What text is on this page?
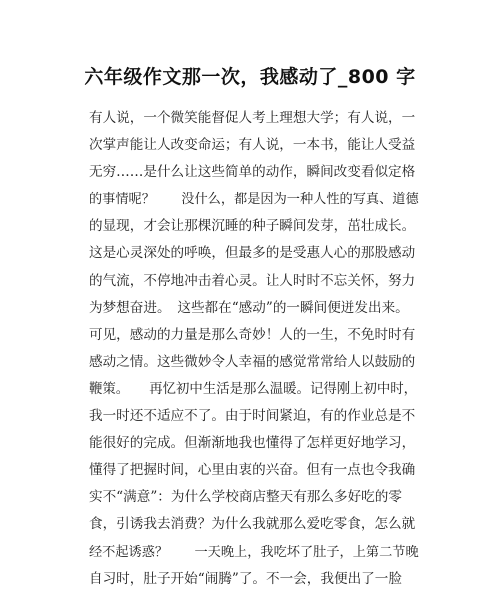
六年级作文那一次，我感动了_800 字
有人说，一个微笑能督促人考上理想大学；有人说，一
次掌声能让人改变命运；有人说，一本书，能让人受益
无穷……是什么让这些简单的动作，瞬间改变看似定格
的事情呢？　　没什么，都是因为一种人性的写真、道德
的显现，才会让那棵沉睡的种子瞬间发芽，茁壮成长。
这是心灵深处的呼唤，但最多的是受惠人心的那股感动
的气流，不停地冲击着心灵。让人时时不忘关怀，努力
为梦想奋进。　这些都在“感动”的一瞬间便迸发出来。
可见，感动的力量是那么奇妙！人的一生，不免时时有
感动之情。这些微妙令人幸福的感觉常常给人以鼓励的
鞭策。　　再忆初中生活是那么温暖。记得刚上初中时，
我一时还不适应不了。由于时间紧迫，有的作业总是不
能很好的完成。但渐渐地我也懂得了怎样更好地学习，
懂得了把握时间，心里由衷的兴奋。但有一点也令我确
实不“满意”：为什么学校商店整天有那么多好吃的零
食，引诱我去消费？为什么我就那么爱吃零食，怎么就
经不起诱惑？　　一天晚上，我吃坏了肚子，上第二节晚
自习时，肚子开始“闹腾”了。不一会，我便出了一脸
